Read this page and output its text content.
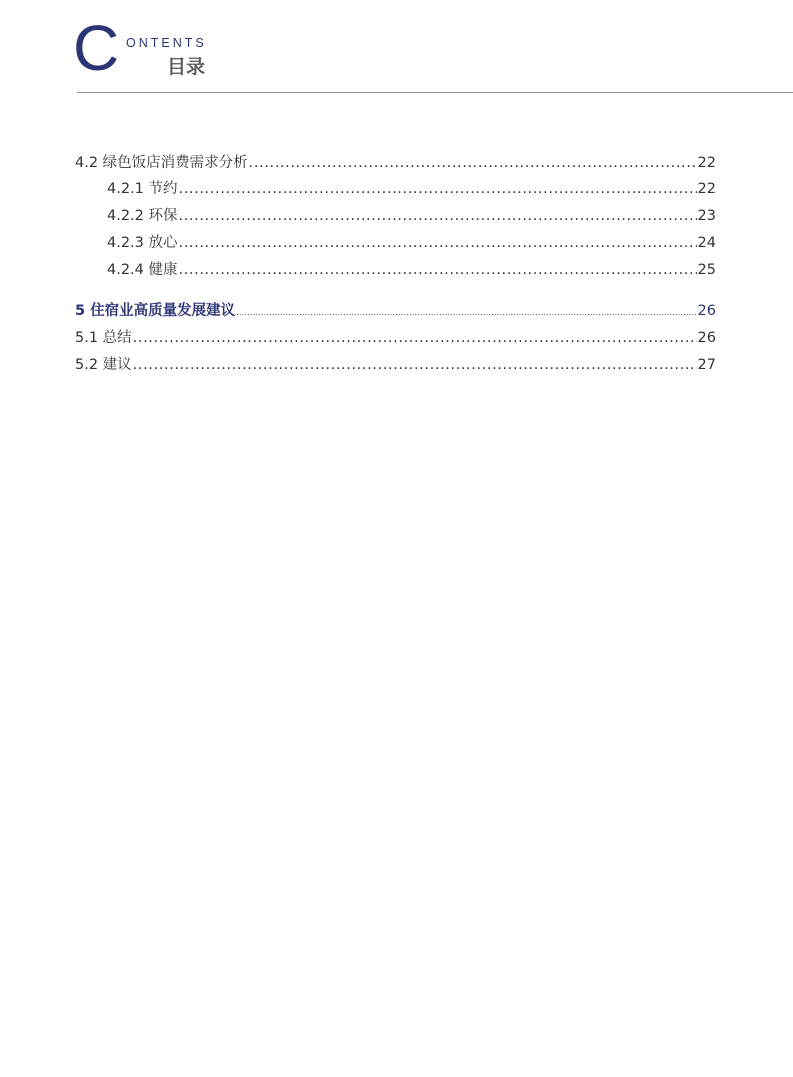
C ONTENTS
目录
4.2 绿色饭店消费需求分析 .....	22
4.2.1 节约 .....	22
4.2.2 环保 .....	23
4.2.3 放心 .....	24
4.2.4 健康 .....	25
5 住宿业高质量发展建议 .....	26
5.1 总结 .....	26
5.2 建议 .....	27
